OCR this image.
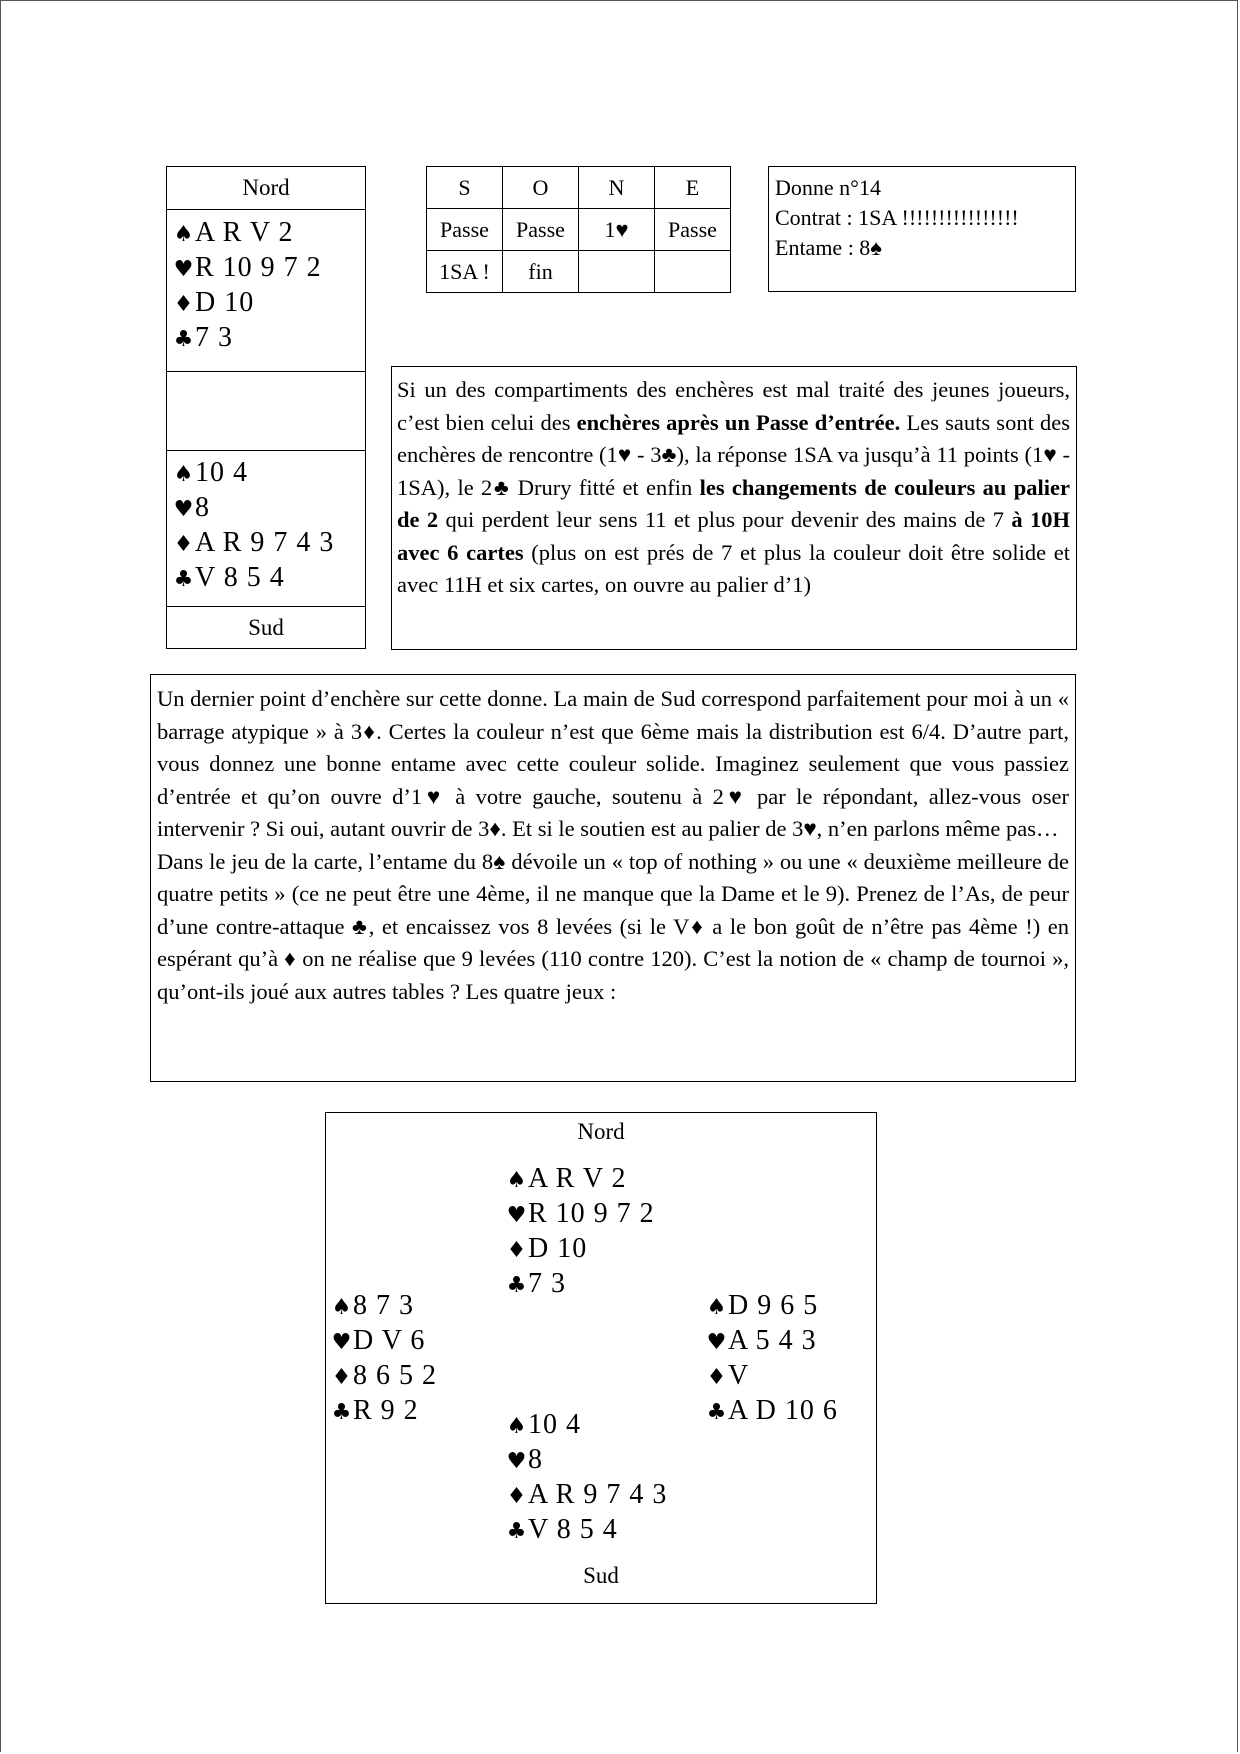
Nord
♠A R V 2
♥R 10 9 7 2
♦D 10
♣7 3
♠10 4
♥8
♦A R 9 7 4 3
♣V 8 5 4
Sud
S	O	N	E
Passe	Passe	1♥	Passe
1SA !	fin		
Donne n°14
Contrat : 1SA !!!!!!!!!!!!!!!!
Entame : 8♠

Si un des compartiments des enchères est mal traité des jeunes joueurs, c’est bien celui des enchères après un Passe d’entrée. Les sauts sont des enchères de rencontre (1♥ - 3♣), la réponse 1SA va jusqu’à 11 points (1♥ - 1SA), le 2♣ Drury fitté et enfin les changements de couleurs au palier de 2 qui perdent leur sens 11 et plus pour devenir des mains de 7 à 10H avec 6 cartes (plus on est prés de 7 et plus la couleur doit être solide et avec 11H et six cartes, on ouvre au palier d’1)

Un dernier point d’enchère sur cette donne. La main de Sud correspond parfaitement pour moi à un « barrage atypique » à 3♦. Certes la couleur n’est que 6ème mais la distribution est 6/4. D’autre part, vous donnez une bonne entame avec cette couleur solide. Imaginez seulement que vous passiez d’entrée et qu’on ouvre d’1♥ à votre gauche, soutenu à 2♥ par le répondant, allez-vous oser intervenir ? Si oui, autant ouvrir de 3♦. Et si le soutien est au palier de 3♥, n’en parlons même pas…

Dans le jeu de la carte, l’entame du 8♠ dévoile un « top of nothing » ou une « deuxième meilleure de quatre petits » (ce ne peut être une 4ème, il ne manque que la Dame et le 9). Prenez de l’As, de peur d’une contre-attaque ♣, et encaissez vos 8 levées (si le V♦ a le bon goût de n’être pas 4ème !) en espérant qu’à ♦ on ne réalise que 9 levées (110 contre 120). C’est la notion de « champ de tournoi », qu’ont-ils joué aux autres tables ? Les quatre jeux :

Nord
♠A R V 2
♥R 10 9 7 2
♦D 10
♣7 3
♠8 7 3
♥D V 6
♦8 6 5 2
♣R 9 2
♠D 9 6 5
♥A 5 4 3
♦V
♣A D 10 6
♠10 4
♥8
♦A R 9 7 4 3
♣V 8 5 4
Sud
